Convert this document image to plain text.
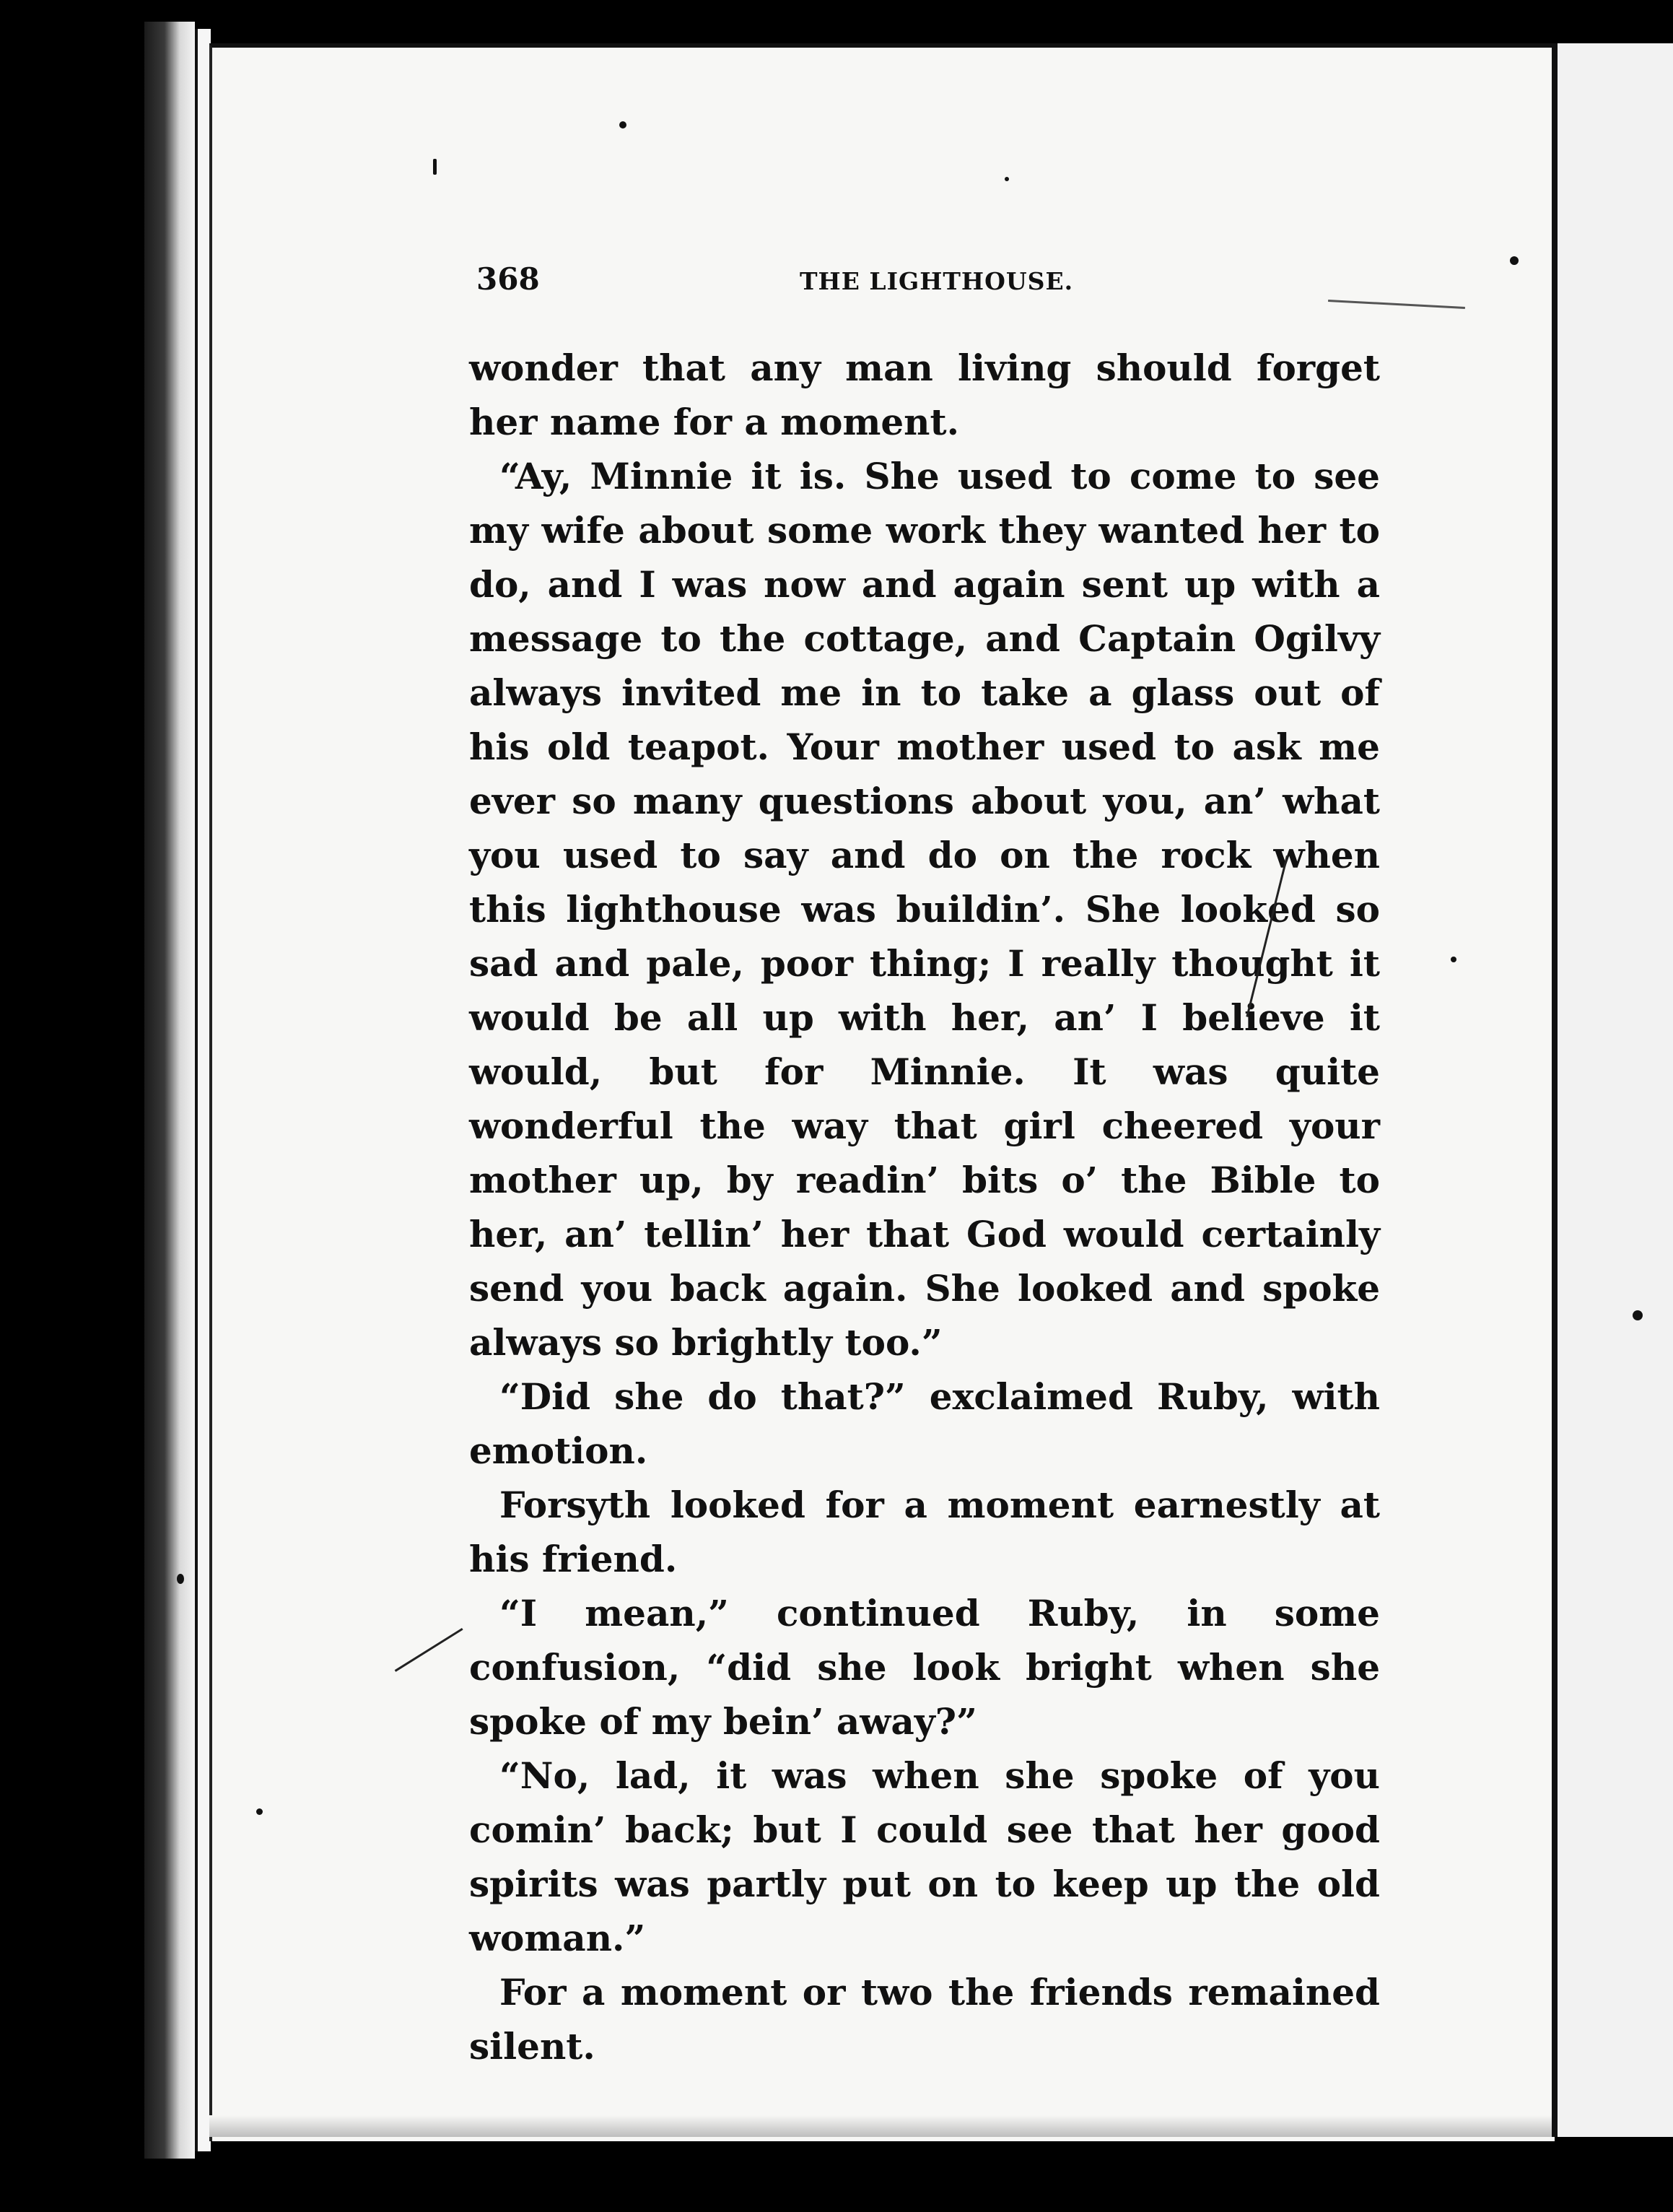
368	THE LIGHTHOUSE.

wonder that any man living should forget her name for a moment.

“Ay, Minnie it is. She used to come to see my wife about some work they wanted her to do, and I was now and again sent up with a message to the cottage, and Captain Ogilvy always invited me in to take a glass out of his old teapot. Your mother used to ask me ever so many questions about you, an’ what you used to say and do on the rock when this lighthouse was buildin’. She looked so sad and pale, poor thing; I really thought it would be all up with her, an’ I believe it would, but for Minnie. It was quite wonderful the way that girl cheered your mother up, by readin’ bits o’ the Bible to her, an’ tellin’ her that God would certainly send you back again. She looked and spoke always so brightly too.”

“Did she do that?” exclaimed Ruby, with emotion.

Forsyth looked for a moment earnestly at his friend.

“I mean,” continued Ruby, in some confusion, “did she look bright when she spoke of my bein’ away?”

“No, lad, it was when she spoke of you comin’ back; but I could see that her good spirits was partly put on to keep up the old woman.”

For a moment or two the friends remained silent.
